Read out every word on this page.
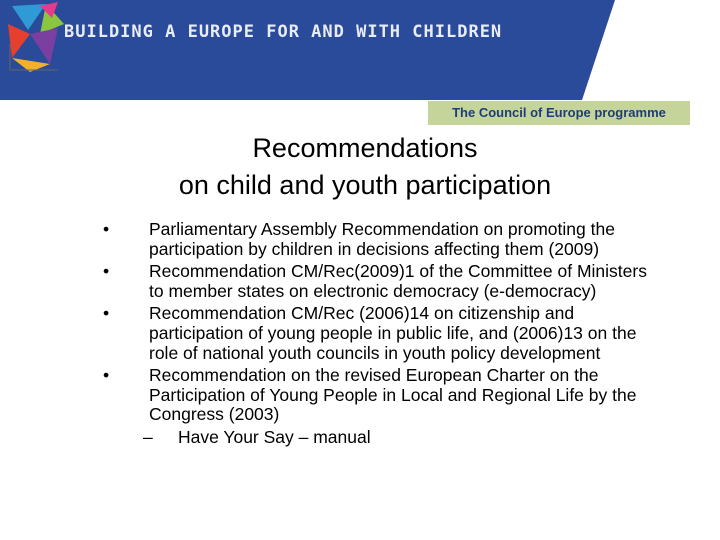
BUILDING A EUROPE FOR AND WITH CHILDREN
The Council of Europe programme
Recommendations
on child and youth participation
• Parliamentary Assembly Recommendation on promoting the participation by children in decisions affecting them (2009)
• Recommendation CM/Rec(2009)1 of the Committee of Ministers to member states on electronic democracy (e-democracy)
• Recommendation CM/Rec (2006)14 on citizenship and participation of young people in public life, and (2006)13 on the role of national youth councils in youth policy development
• Recommendation on the revised European Charter on the Participation of Young People in Local and Regional Life by the Congress (2003)
– Have Your Say – manual
